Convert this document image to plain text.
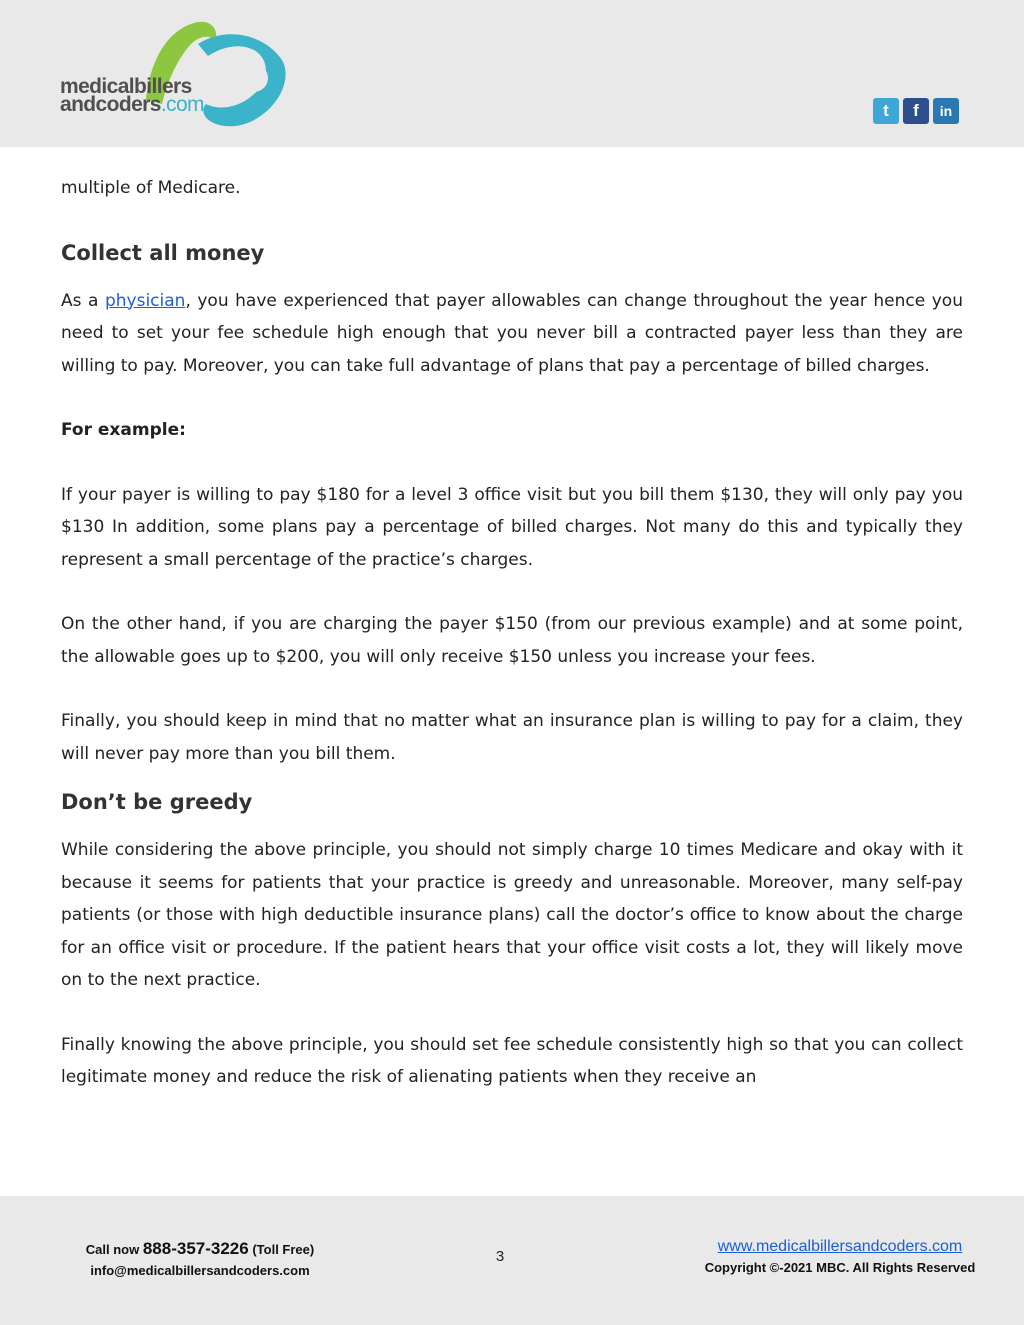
medicalbillers
andcoders.com	t	f	in

multiple of Medicare.

Collect all money

As a physician, you have experienced that payer allowables can change throughout the year hence you need to set your fee schedule high enough that you never bill a contracted payer less than they are willing to pay. Moreover, you can take full advantage of plans that pay a percentage of billed charges.

For example:

If your payer is willing to pay $180 for a level 3 office visit but you bill them $130, they will only pay you $130 In addition, some plans pay a percentage of billed charges. Not many do this and typically they represent a small percentage of the practice’s charges.

On the other hand, if you are charging the payer $150 (from our previous example) and at some point, the allowable goes up to $200, you will only receive $150 unless you increase your fees.

Finally, you should keep in mind that no matter what an insurance plan is willing to pay for a claim, they will never pay more than you bill them.

Don’t be greedy

While considering the above principle, you should not simply charge 10 times Medicare and okay with it because it seems for patients that your practice is greedy and unreasonable. Moreover, many self-pay patients (or those with high deductible insurance plans) call the doctor’s office to know about the charge for an office visit or procedure. If the patient hears that your office visit costs a lot, they will likely move on to the next practice.

Finally knowing the above principle, you should set fee schedule consistently high so that you can collect legitimate money and reduce the risk of alienating patients when they receive an

Call now 888-357-3226 (Toll Free)
info@medicalbillersandcoders.com
3
www.medicalbillersandcoders.com
Copyright ©-2021 MBC. All Rights Reserved
